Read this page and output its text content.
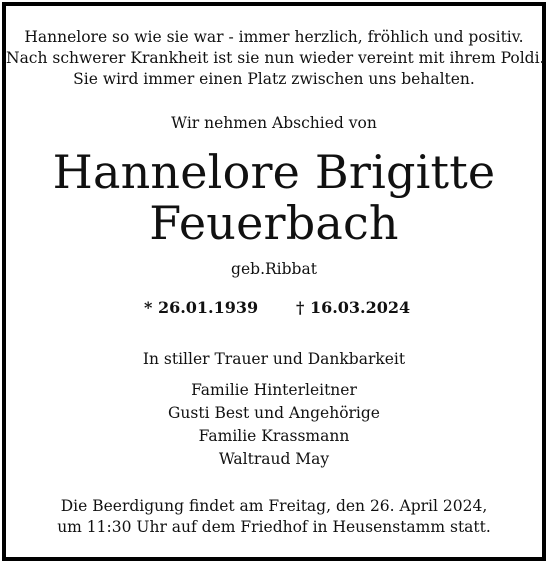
Hannelore so wie sie war - immer herzlich, fröhlich und positiv.
Nach schwerer Krankheit ist sie nun wieder vereint mit ihrem Poldi.
Sie wird immer einen Platz zwischen uns behalten.
Wir nehmen Abschied von
Hannelore Brigitte
Feuerbach
geb.Ribbat
* 26.01.1939 † 16.03.2024
In stiller Trauer und Dankbarkeit
Familie Hinterleitner
Gusti Best und Angehörige
Familie Krassmann
Waltraud May
Die Beerdigung findet am Freitag, den 26. April 2024,
um 11:30 Uhr auf dem Friedhof in Heusenstamm statt.
